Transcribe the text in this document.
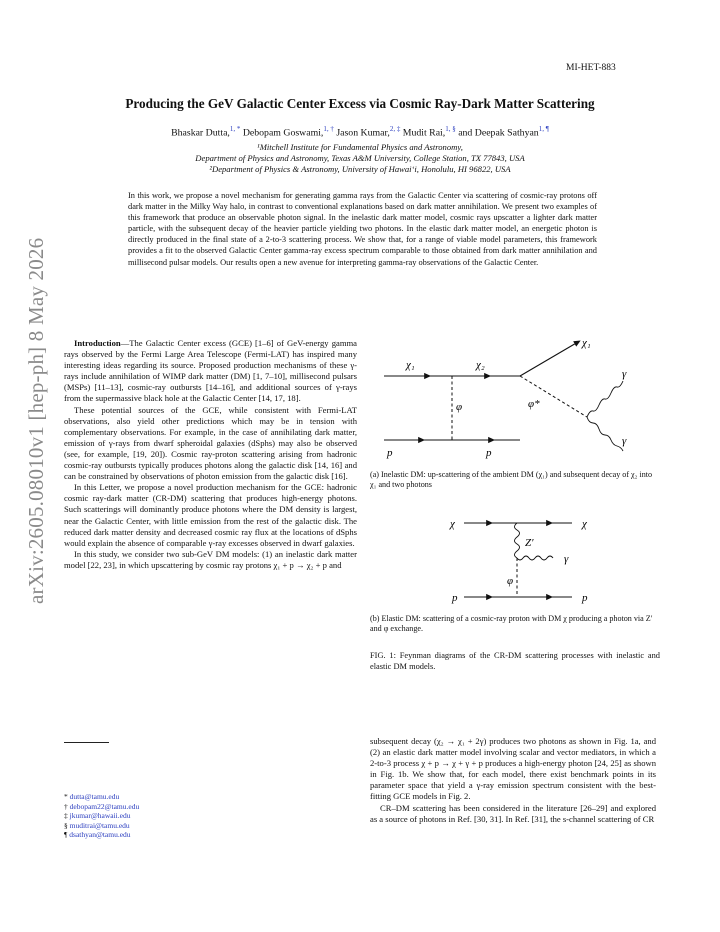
arXiv:2605.08010v1 [hep-ph] 8 May 2026
MI-HET-883
Producing the GeV Galactic Center Excess via Cosmic Ray-Dark Matter Scattering
Bhaskar Dutta,$^{1, *}$ Debopam Goswami,$^{1, \dagger}$ Jason Kumar,$^{2, \ddagger}$ Mudit Rai,$^{1, \S}$ and Deepak Sathyan$^{1, \P}$
¹Mitchell Institute for Fundamental Physics and Astronomy,
Department of Physics and Astronomy, Texas A&M University, College Station, TX 77843, USA
²Department of Physics & Astronomy, University of Hawaiʻi, Honolulu, HI 96822, USA
In this work, we propose a novel mechanism for generating gamma rays from the Galactic Center via scattering of cosmic-ray protons off dark matter in the Milky Way halo, in contrast to conventional explanations based on dark matter annihilation. We present two examples of this framework that produce an observable photon signal. In the inelastic dark matter model, cosmic rays upscatter a lighter dark matter particle, with the subsequent decay of the heavier particle yielding two photons. In the elastic dark matter model, an energetic photon is directly produced in the final state of a 2-to-3 scattering process. We show that, for a range of viable model parameters, this framework provides a fit to the observed Galactic Center gamma-ray excess spectrum comparable to those obtained from dark matter annihilation and millisecond pulsar models. Our results open a new avenue for interpreting gamma-ray observations of the Galactic Center.

Introduction—The Galactic Center excess (GCE) [1–6] of GeV-energy gamma rays observed by the Fermi Large Area Telescope (Fermi-LAT) has inspired many interesting ideas regarding its source. Proposed production mechanisms of these γ-rays include annihilation of WIMP dark matter (DM) [1, 7–10], millisecond pulsars (MSPs) [11–13], cosmic-ray outbursts [14–16], and additional sources of γ-rays from the supermassive black hole at the Galactic Center [14, 17, 18].

These potential sources of the GCE, while consistent with Fermi-LAT observations, also yield other predictions which may be in tension with complementary observations. For example, in the case of annihilating dark matter, emission of γ-rays from dwarf spheroidal galaxies (dSphs) may also be observed (see, for example, [19, 20]). Cosmic ray-proton scattering arising from hadronic cosmic-ray outbursts typically produces photons along the galactic disk [14, 16] and can be constrained by observations of photon emission from the galactic disk [16].

In this Letter, we propose a novel production mechanism for the GCE: hadronic cosmic ray-dark matter (CR-DM) scattering that produces high-energy photons. Such scatterings will dominantly produce photons where the DM density is largest, near the Galactic Center, with little emission from the rest of the galactic disk. The reduced dark matter density and decreased cosmic ray flux at the locations of dSphs would explain the absence of comparable γ-ray excesses observed in dwarf galaxies.

In this study, we consider two sub-GeV DM models: (1) an inelastic dark matter model [22, 23], in which upscattering by cosmic ray protons χ₁ + p → χ₂ + p and

* dutta@tamu.edu
† debopam22@tamu.edu
‡ jkumar@hawaii.edu
§ muditrai@tamu.edu
¶ dsathyan@tamu.edu
χ₁	χ₂
χ₁
φ*
φ
γ
γ
p	p
(a) Inelastic DM: up-scattering of the ambient DM (χ₁) and subsequent decay of χ₂ into χ₁ and two photons
χ	χ
Z′
γ
φ
p	p
(b) Elastic DM: scattering of a cosmic-ray proton with DM χ producing a photon via Z′ and φ exchange.
FIG. 1: Feynman diagrams of the CR-DM scattering processes with inelastic and elastic DM models.

subsequent decay (χ₂ → χ₁ + 2γ) produces two photons as shown in Fig. 1a, and (2) an elastic dark matter model involving scalar and vector mediators, in which a 2-to-3 process χ + p → χ + γ + p produces a high-energy photon [24, 25] as shown in Fig. 1b. We show that, for each model, there exist benchmark points in its parameter space that yield a γ-ray emission spectrum consistent with the best-fitting GCE models in Fig. 2.

CR–DM scattering has been considered in the literature [26–29] and explored as a source of photons in Ref. [30, 31]. In Ref. [31], the s-channel scattering of CR
